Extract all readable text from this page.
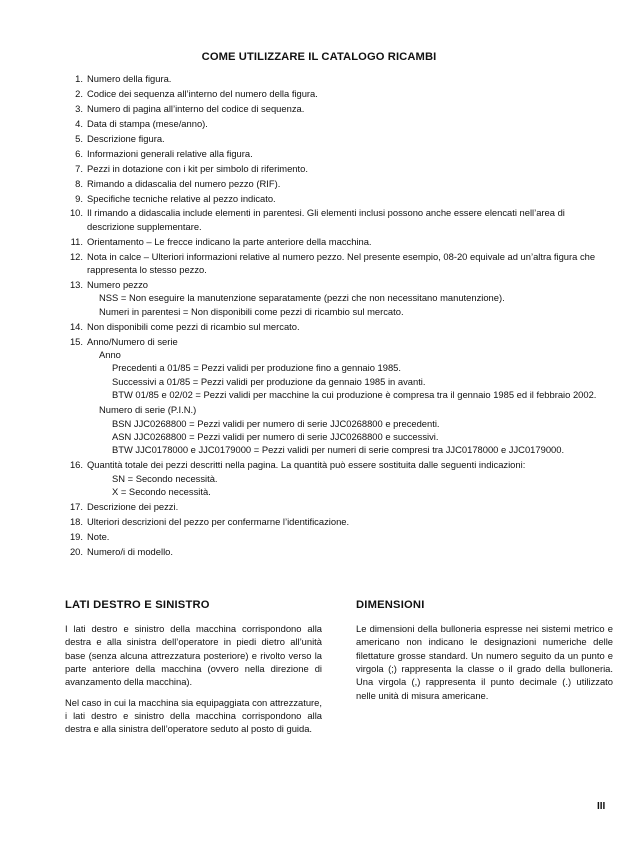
COME UTILIZZARE IL CATALOGO RICAMBI
1. Numero della figura.
2. Codice dei sequenza all’interno del numero della figura.
3. Numero di pagina all’interno del codice di sequenza.
4. Data di stampa (mese/anno).
5. Descrizione figura.
6. Informazioni generali relative alla figura.
7. Pezzi in dotazione con i kit per simbolo di riferimento.
8. Rimando a didascalia del numero pezzo (RIF).
9. Specifiche tecniche relative al pezzo indicato.
10. Il rimando a didascalia include elementi in parentesi. Gli elementi inclusi possono anche essere elencati nell’area di descrizione supplementare.
11. Orientamento – Le frecce indicano la parte anteriore della macchina.
12. Nota in calce – Ulteriori informazioni relative al numero pezzo. Nel presente esempio, 08-20 equivale ad un’altra figura che rappresenta lo stesso pezzo.
13. Numero pezzo
NSS = Non eseguire la manutenzione separatamente (pezzi che non necessitano manutenzione).
Numeri in parentesi = Non disponibili come pezzi di ricambio sul mercato.
14. Non disponibili come pezzi di ricambio sul mercato.
15. Anno/Numero di serie
Anno
Precedenti a 01/85 = Pezzi validi per produzione fino a gennaio 1985.
Successivi a 01/85 = Pezzi validi per produzione da gennaio 1985 in avanti.
BTW 01/85 e 02/02 = Pezzi validi per macchine la cui produzione è compresa tra il gennaio 1985 ed il febbraio 2002.
Numero di serie (P.I.N.)
BSN JJC0268800 = Pezzi validi per numero di serie JJC0268800 e precedenti.
ASN JJC0268800 = Pezzi validi per numero di serie JJC0268800 e successivi.
BTW JJC0178000 e JJC0179000 = Pezzi validi per numeri di serie compresi tra JJC0178000 e JJC0179000.
16. Quantità totale dei pezzi descritti nella pagina. La quantità può essere sostituita dalle seguenti indicazioni:
SN = Secondo necessità.
X = Secondo necessità.
17. Descrizione dei pezzi.
18. Ulteriori descrizioni del pezzo per confermarne l’identificazione.
19. Note.
20. Numero/i di modello.
LATI DESTRO E SINISTRO

I lati destro e sinistro della macchina corrispondono alla destra e alla sinistra dell’operatore in piedi dietro all’unità base (senza alcuna attrezzatura posteriore) e rivolto verso la parte anteriore della macchina (ovvero nella direzione di avanzamento della macchina).

Nel caso in cui la macchina sia equipaggiata con attrezzature, i lati destro e sinistro della macchina corrispondono alla destra e alla sinistra dell’operatore seduto al posto di guida.

DIMENSIONI

Le dimensioni della bulloneria espresse nei sistemi metrico e americano non indicano le designazioni numeriche delle filettature grosse standard. Un numero seguito da un punto e virgola (;) rappresenta la classe o il grado della bulloneria. Una virgola (,) rappresenta il punto decimale (.) utilizzato nelle unità di misura americane.

III
